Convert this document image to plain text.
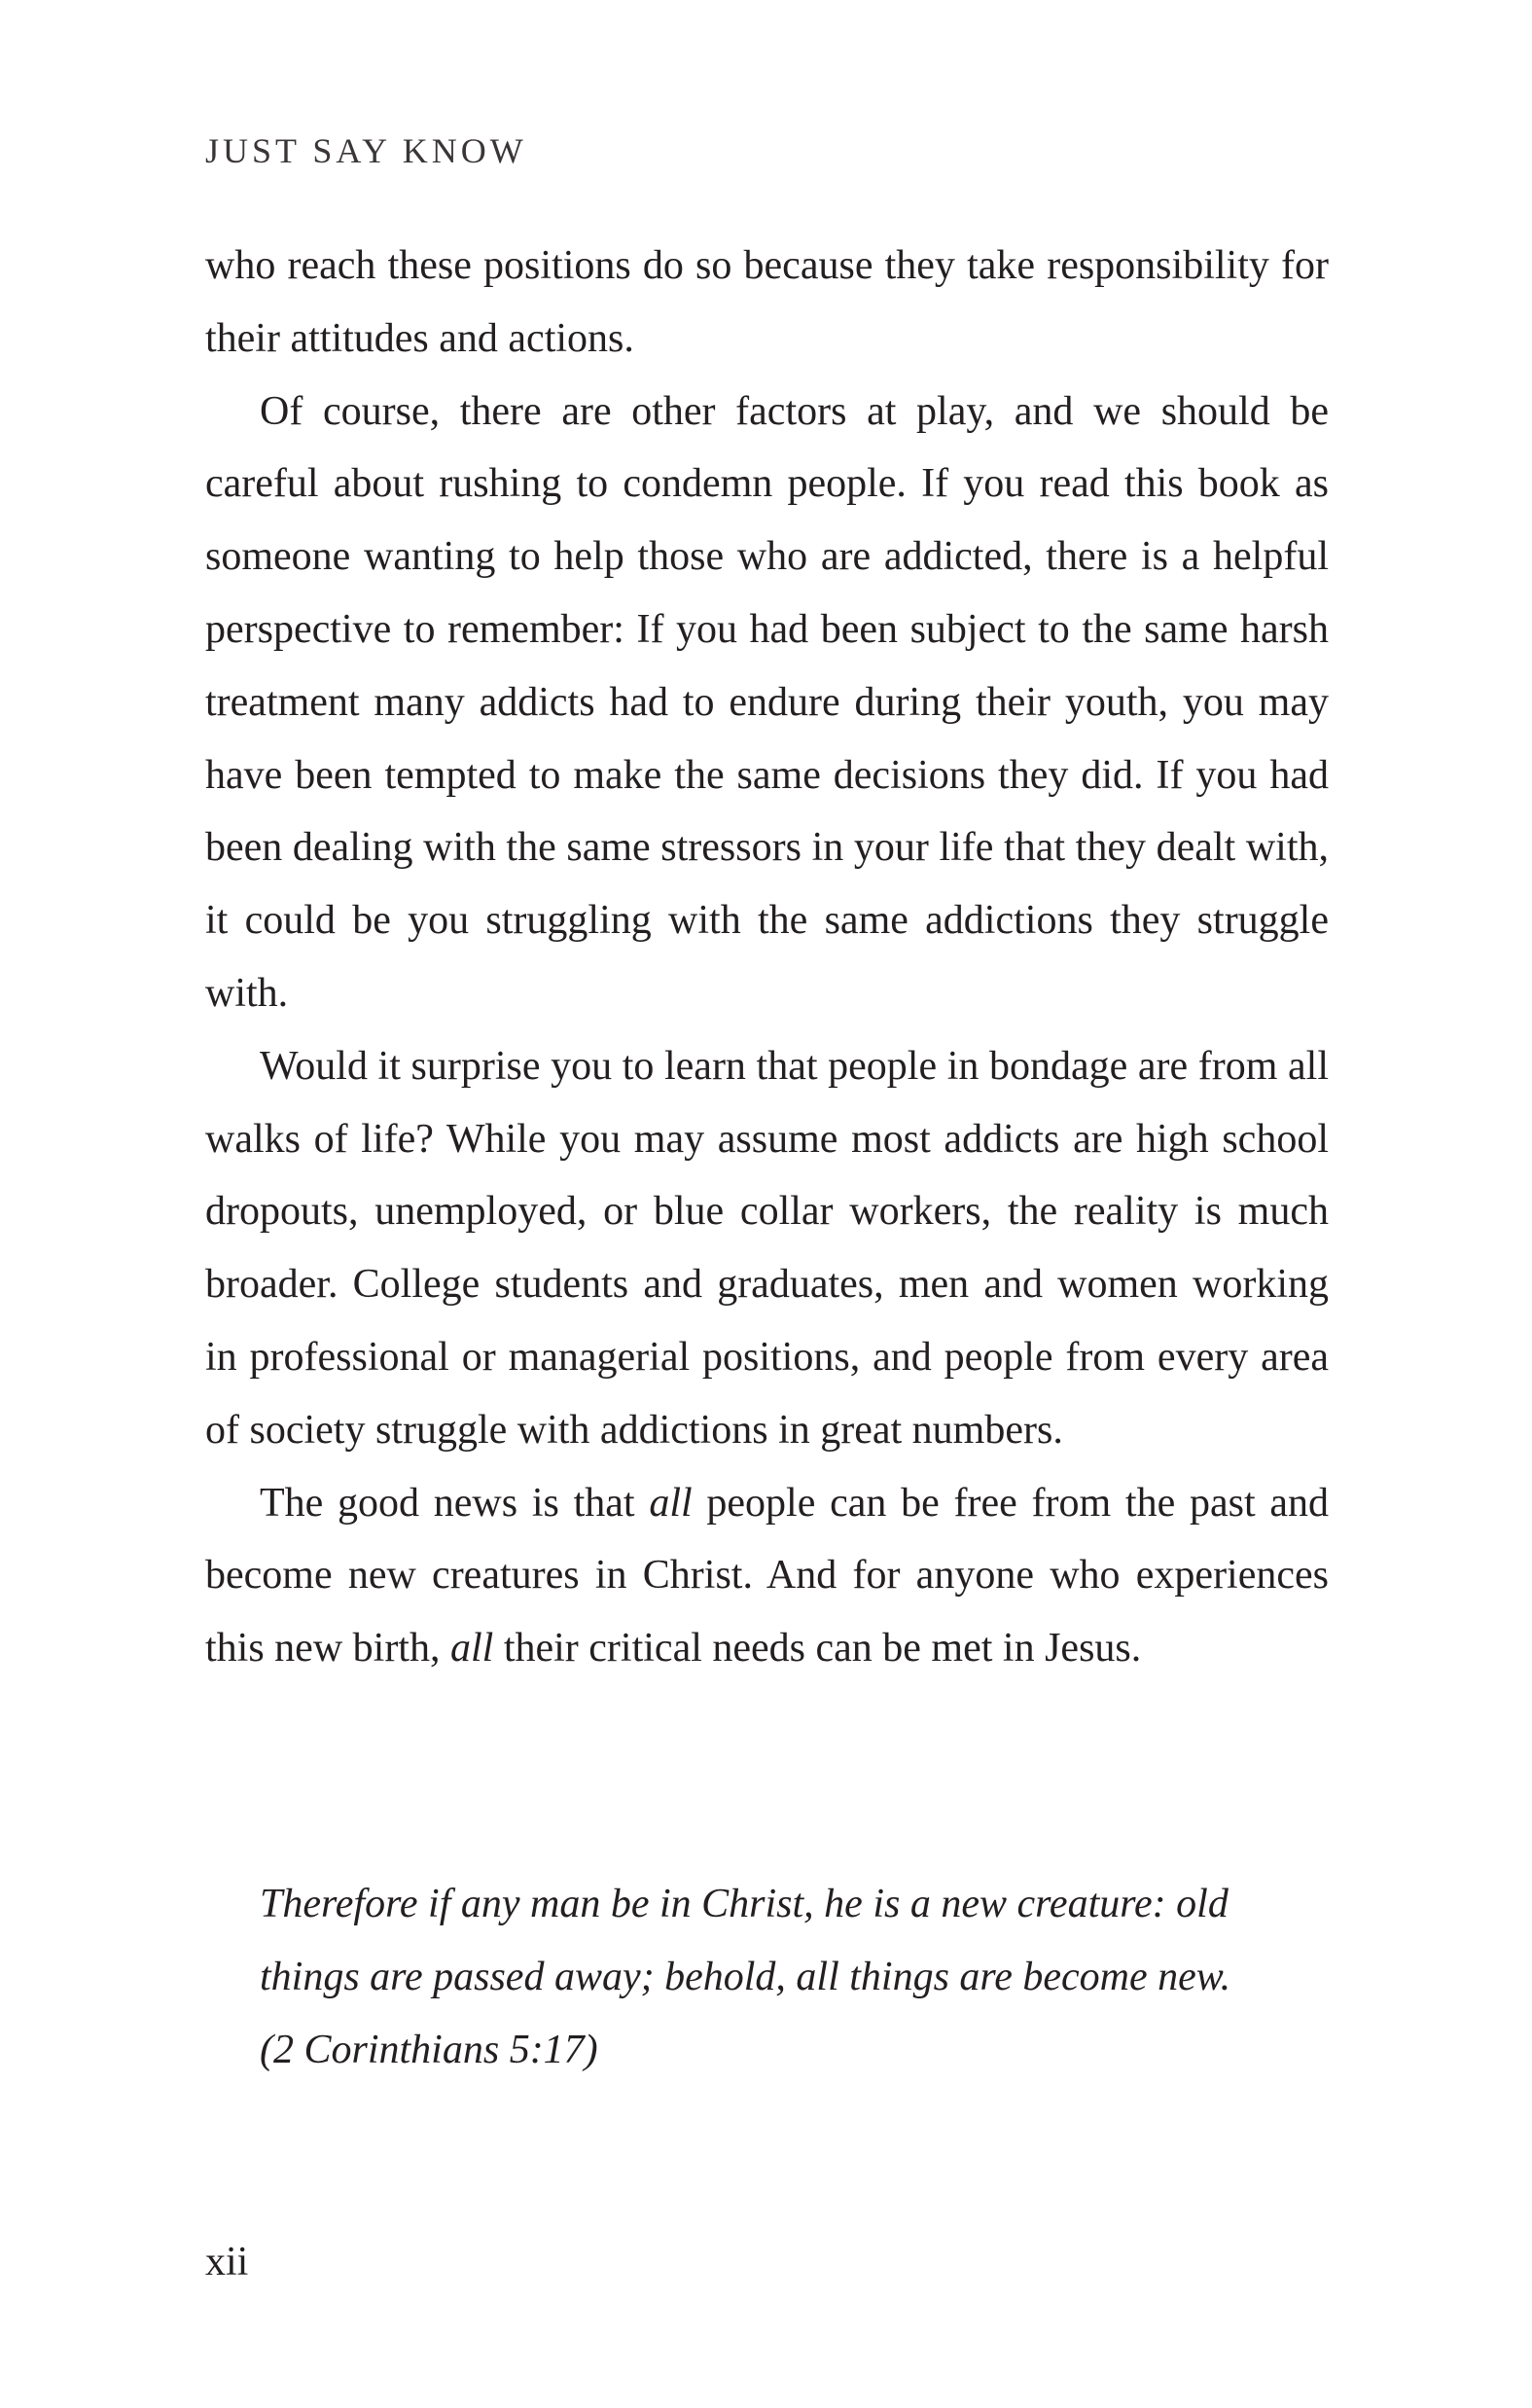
JUST SAY KNOW

who reach these positions do so because they take responsibility for their attitudes and actions.

Of course, there are other factors at play, and we should be careful about rushing to condemn people. If you read this book as someone wanting to help those who are addicted, there is a helpful perspective to remember: If you had been subject to the same harsh treatment many addicts had to endure during their youth, you may have been tempted to make the same decisions they did. If you had been dealing with the same stressors in your life that they dealt with, it could be you struggling with the same addictions they struggle with.

Would it surprise you to learn that people in bondage are from all walks of life? While you may assume most addicts are high school dropouts, unemployed, or blue collar workers, the reality is much broader. College students and graduates, men and women working in professional or managerial positions, and people from every area of society struggle with addictions in great numbers.

The good news is that all people can be free from the past and become new creatures in Christ. And for anyone who experiences this new birth, all their critical needs can be met in Jesus.

Therefore if any man be in Christ, he is a new creature: old
things are passed away; behold, all things are become new.
(2 Corinthians 5:17)
xii
